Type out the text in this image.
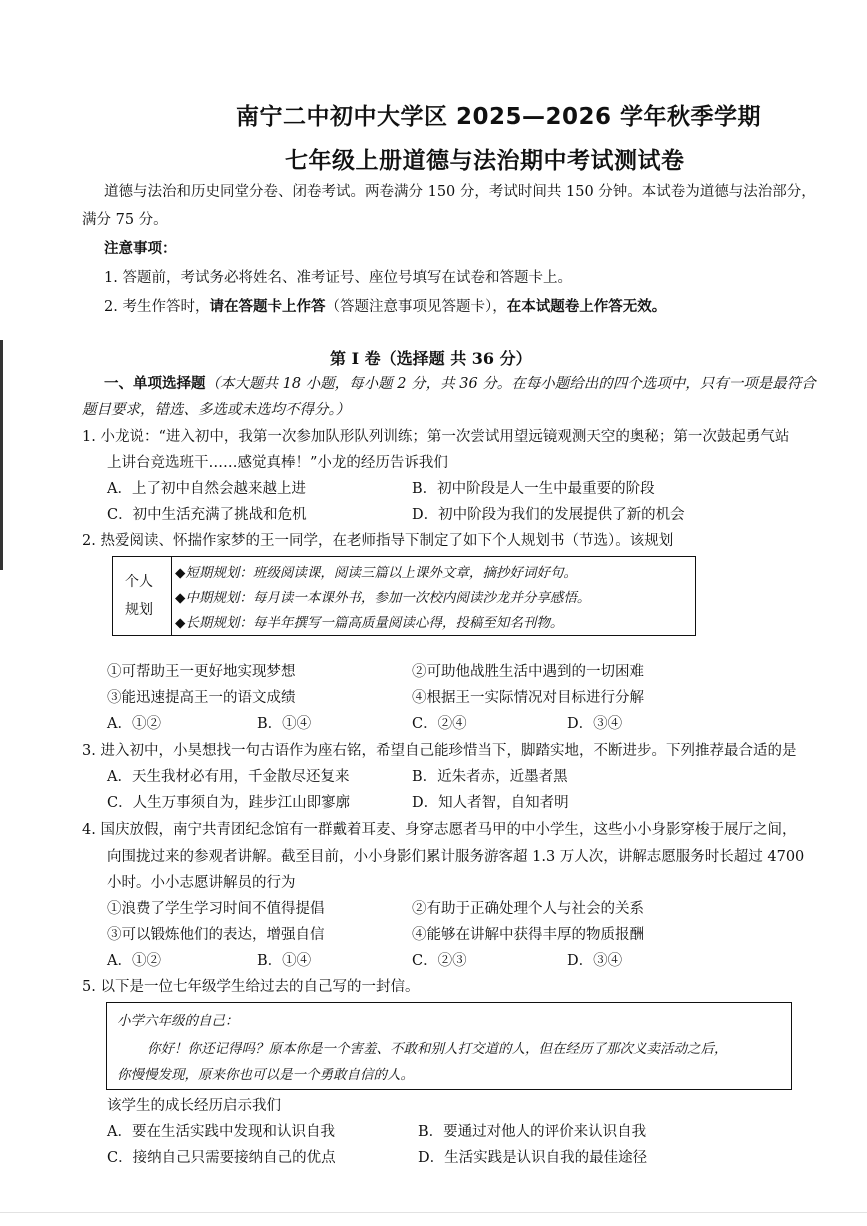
南宁二中初中大学区 2025—2026 学年秋季学期
七年级上册道德与法治期中考试测试卷
道德与法治和历史同堂分卷、闭卷考试。两卷满分 150 分，考试时间共 150 分钟。本试卷为道德与法治部分，
满分 75 分。
注意事项：
1. 答题前，考试务必将姓名、准考证号、座位号填写在试卷和答题卡上。
2. 考生作答时，请在答题卡上作答（答题注意事项见答题卡），在本试题卷上作答无效。
第 I 卷（选择题 共 36 分）
一、单项选择题（本大题共 18 小题，每小题 2 分，共 36 分。在每小题给出的四个选项中，只有一项是最符合
题目要求，错选、多选或未选均不得分。）
1. 小龙说：“进入初中，我第一次参加队形队列训练；第一次尝试用望远镜观测天空的奥秘；第一次鼓起勇气站
上讲台竞选班干……感觉真棒！”小龙的经历告诉我们
A．上了初中自然会越来越上进	B．初中阶段是人一生中最重要的阶段
C．初中生活充满了挑战和危机	D．初中阶段为我们的发展提供了新的机会
2. 热爱阅读、怀揣作家梦的王一同学，在老师指导下制定了如下个人规划书（节选）。该规划
个人
规划
◆短期规划：班级阅读课，阅读三篇以上课外文章，摘抄好词好句。
◆中期规划：每月读一本课外书，参加一次校内阅读沙龙并分享感悟。
◆长期规划：每半年撰写一篇高质量阅读心得，投稿至知名刊物。
①可帮助王一更好地实现梦想	②可助他战胜生活中遇到的一切困难
③能迅速提高王一的语文成绩	④根据王一实际情况对目标进行分解
A．①②	B．①④	C．②④	D．③④
3. 进入初中，小昊想找一句古语作为座右铭，希望自己能珍惜当下，脚踏实地，不断进步。下列推荐最合适的是
A．天生我材必有用，千金散尽还复来	B．近朱者赤，近墨者黑
C．人生万事须自为，跬步江山即寥廓	D．知人者智，自知者明
4. 国庆放假，南宁共青团纪念馆有一群戴着耳麦、身穿志愿者马甲的中小学生，这些小小身影穿梭于展厅之间，
向围拢过来的参观者讲解。截至目前，小小身影们累计服务游客超 1.3 万人次，讲解志愿服务时长超过 4700
小时。小小志愿讲解员的行为
①浪费了学生学习时间不值得提倡	②有助于正确处理个人与社会的关系
③可以锻炼他们的表达，增强自信	④能够在讲解中获得丰厚的物质报酬
A．①②	B．①④	C．②③	D．③④
5. 以下是一位七年级学生给过去的自己写的一封信。
小学六年级的自己：
你好！你还记得吗？原本你是一个害羞、不敢和别人打交道的人，但在经历了那次义卖活动之后，
你慢慢发现，原来你也可以是一个勇敢自信的人。
该学生的成长经历启示我们
A．要在生活实践中发现和认识自我	B．要通过对他人的评价来认识自我
C．接纳自己只需要接纳自己的优点	D．生活实践是认识自我的最佳途径
